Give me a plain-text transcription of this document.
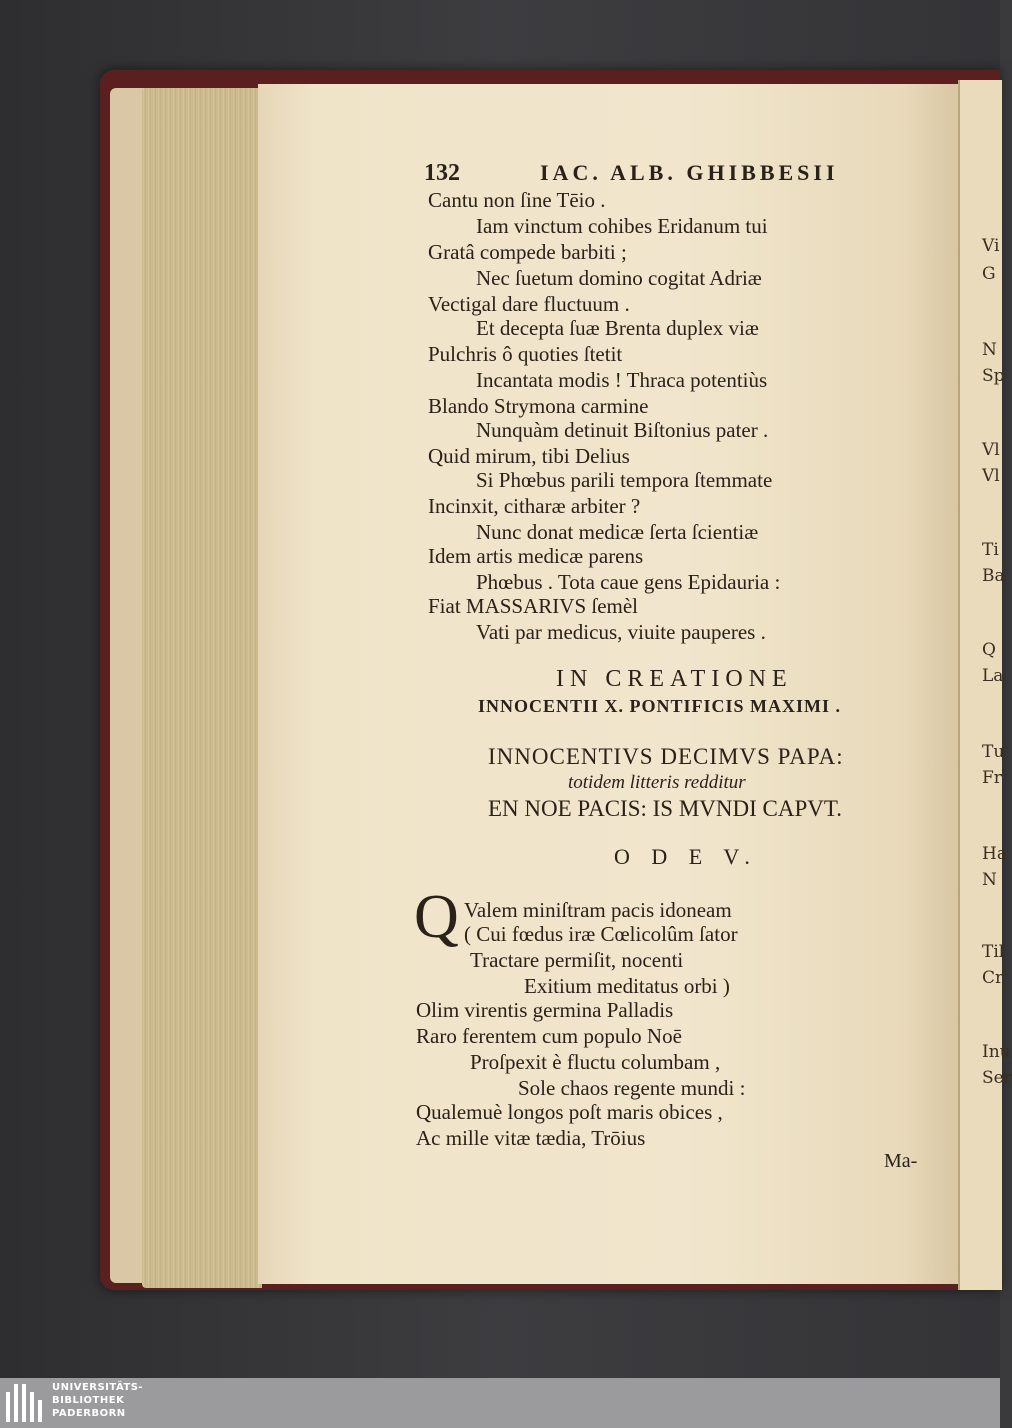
Vi
G
N
Sp
Vl
Vl
Ti
Ba
Q
La
Tu
Fr
Ha
N
Til
Cr
Inu
Ser
132	IAC. ALB. GHIBBESII
Cantu non ſine Tēio .
Iam vinctum cohibes Eridanum tui
Gratâ compede barbiti ;
Nec ſuetum domino cogitat Adriæ
Vectigal dare fluctuum .
Et decepta ſuæ Brenta duplex viæ
Pulchris ô quoties ſtetit
Incantata modis ! Thraca potentiùs
Blando Strymona carmine
Nunquàm detinuit Biſtonius pater .
Quid mirum, tibi Delius
Si Phœbus parili tempora ſtemmate
Incinxit, citharæ arbiter ?
Nunc donat medicæ ſerta ſcientiæ
Idem artis medicæ parens
Phœbus . Tota caue gens Epidauria :
Fiat MASSARIVS ſemèl
Vati par medicus, viuite pauperes .
IN CREATIONE
INNOCENTII X. PONTIFICIS MAXIMI .
INNOCENTIVS DECIMVS PAPA:
totidem litteris redditur
EN NOE PACIS: IS MVNDI CAPVT.
O D E V.
Q Valem miniſtram pacis idoneam
( Cui fœdus iræ Cœlicolûm ſator
Tractare permiſit, nocenti
Exitium meditatus orbi )
Olim virentis germina Palladis
Raro ferentem cum populo Noē
Proſpexit è fluctu columbam ,
Sole chaos regente mundi :
Qualemuè longos poſt maris obices ,
Ac mille vitæ tædia, Trōius
Ma-
UNIVERSITÄTS-
BIBLIOTHEK
PADERBORN
